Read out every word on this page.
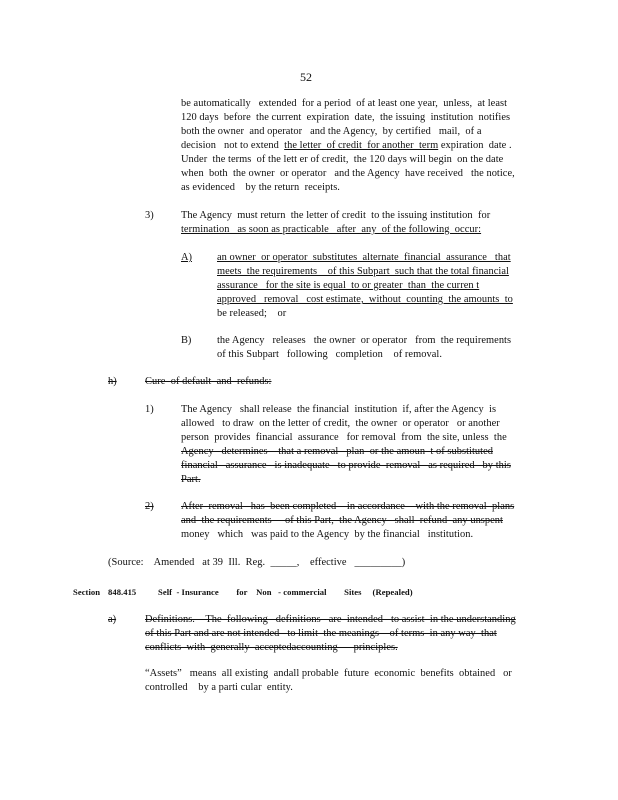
52
be automatically   extended  for a period  of at least one year,  unless,  at least
120 days  before  the current  expiration  date,  the issuing  institution  notifies
both the owner  and operator   and the Agency,  by certified   mail,  of a
decision   not to extend  the letter  of credit  for another  term expiration  date .
Under  the terms  of the lett er of credit,  the 120 days will begin  on the date
when  both  the owner  or operator   and the Agency  have received   the notice,
as evidenced    by the return  receipts.
3)	The Agency  must return  the letter of credit  to the issuing institution  for
termination   as soon as practicable   after  any  of the following  occur:
A) an owner  or operator  substitutes  alternate  financial  assurance   that
meets  the requirements    of this Subpart  such that the total financial
assurance   for the site is equal  to or greater  than  the curren t
approved   removal   cost estimate,  without  counting  the amounts  to
be released;    or
B) the Agency   releases   the owner  or operator   from  the requirements
of this Subpart   following   completion    of removal.
h)	Cure  of default  and  refunds:
1)	The Agency   shall release  the financial  institution  if, after the Agency  is
allowed   to draw  on the letter of credit,  the owner  or operator   or another
person  provides  financial  assurance   for removal  from  the site, unless  the
Agency   determines    that a removal   plan  or the amoun  t of substituted
financial   assurance   is inadequate   to provide  removal   as required   by this
Part.
2)	After  removal   has  been completed    in accordance    with the removal  plans
and  the requirements     of this Part,  the Agency   shall  refund  any unspent
money   which   was paid to the Agency  by the financial   institution.
(Source:    Amended   at 39  Ill.  Reg.  _____,    effective   _________)
Section 848.415	Self  - Insurance        for    Non   - commercial        Sites     (Repealed)
a)	Definitions.    The  following   definitions   are  intended   to assist  in the understanding
of this Part and are not intended   to limit  the meanings    of terms  in any way  that
conflicts  with  generally  acceptedaccounting      principles.
“Assets”   means  all existing  andall probable  future  economic  benefits  obtained   or
controlled    by a parti cular  entity.
